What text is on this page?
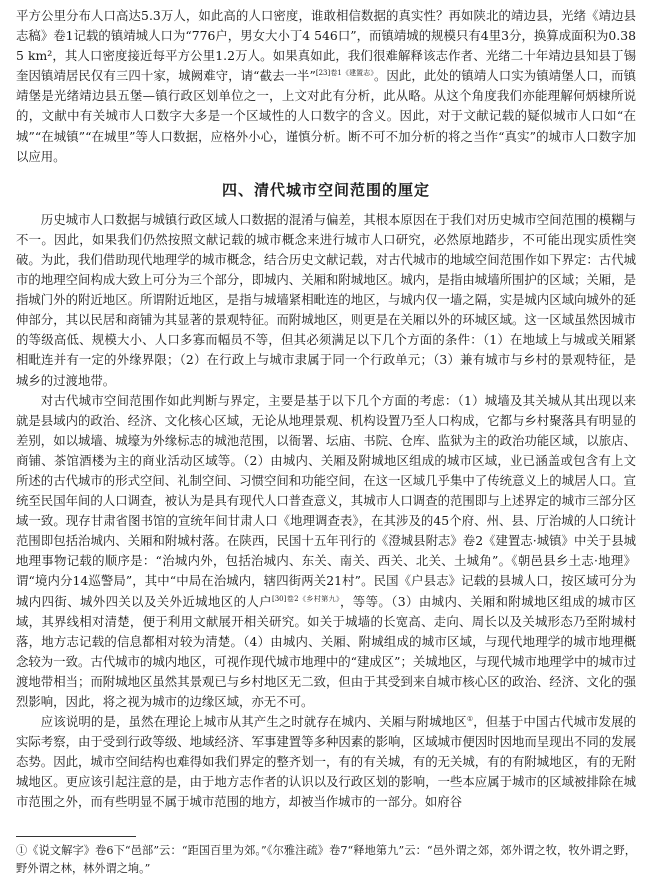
平方公里分布人口高达5.3万人，如此高的人口密度，谁敢相信数据的真实性？再如陕北的靖边县，光绪《靖边县志稿》卷1记载的镇靖城人口为“776户，男女大小丁4 546口”，而镇靖城的规模只有4里3分，换算成面积为0.385 km²，其人口密度接近每平方公里1.2万人。如果真如此，我们很难解释该志作者、光绪二十年靖边县知县丁锡奎因镇靖居民仅有三四十家，城阙难守，请“截去一半”$^{[23]卷1《建置志》}$。因此，此处的镇靖人口实为镇靖堡人口，而镇靖堡是光绪靖边县五堡—镇行政区划单位之一，上文对此有分析，此从略。从这个角度我们亦能理解何炳棣所说的，文献中有关城市人口数字大多是一个区域性的人口数字的含义。因此，对于文献记载的疑似城市人口如“在城”“在城镇”“在城里”等人口数据，应格外小心，谨慎分析。断不可不加分析的将之当作“真实”的城市人口数字加以应用。

四、清代城市空间范围的厘定

历史城市人口数据与城镇行政区域人口数据的混淆与偏差，其根本原因在于我们对历史城市空间范围的模糊与不一。因此，如果我们仍然按照文献记载的城市概念来进行城市人口研究，必然原地踏步，不可能出现实质性突破。为此，我们借助现代地理学的城市概念，结合历史文献记载，对古代城市的地域空间范围作如下界定：古代城市的地理空间构成大致上可分为三个部分，即城内、关厢和附城地区。城内，是指由城墙所围护的区域；关厢，是指城门外的附近地区。所谓附近地区，是指与城墙紧相毗连的地区，与城内仅一墙之隔，实是城内区域向城外的延伸部分，其以民居和商铺为其显著的景观特征。而附城地区，则更是在关厢以外的环城区域。这一区域虽然因城市的等级高低、规模大小、人口多寡而幅员不等，但其必须满足以下几个方面的条件：（1）在地域上与城或关厢紧相毗连并有一定的外缘界限；（2）在行政上与城市隶属于同一个行政单元；（3）兼有城市与乡村的景观特征，是城乡的过渡地带。

对古代城市空间范围作如此判断与界定，主要是基于以下几个方面的考虑：（1）城墙及其关城从其出现以来就是县域内的政治、经济、文化核心区域，无论从地理景观、机构设置乃至人口构成，它都与乡村聚落具有明显的差别，如以城墙、城壕为外缘标志的城池范围，以衙署、坛庙、书院、仓库、监狱为主的政治功能区域，以旅店、商铺、茶馆酒楼为主的商业活动区域等。（2）由城内、关厢及附城地区组成的城市区域，业已涵盖或包含有上文所述的古代城市的形式空间、礼制空间、习惯空间和功能空间，在这一区域几乎集中了传统意义上的城居人口。宣统至民国年间的人口调查，被认为是具有现代人口普查意义，其城市人口调查的范围即与上述界定的城市三部分区域一致。现存甘肃省图书馆的宣统年间甘肃人口《地理调查表》，在其涉及的45个府、州、县、厅治城的人口统计范围即包括治城内、关厢和附城村落。在陕西，民国十五年刊行的《澄城县附志》卷2《建置志·城镇》中关于县城地理事物记载的顺序是：“治城内外，包括治城内、东关、南关、西关、北关、土城角”。《朝邑县乡土志·地理》谓“境内分14巡警局”，其中“中局在治城内，辖四街两关21村”。民国《户县志》记载的县城人口，按区域可分为城内四街、城外四关以及关外近城地区的人户$^{[30]卷2《乡村第九》}$，等等。（3）由城内、关厢和附城地区组成的城市区域，其界线相对清楚，便于利用文献展开相关研究。如关于城墙的长宽高、走向、周长以及关城形态乃至附城村落，地方志记载的信息都相对较为清楚。（4）由城内、关厢、附城组成的城市区域，与现代地理学的城市地理概念较为一致。古代城市的城内地区，可视作现代城市地理中的“建成区”；关城地区，与现代城市地理学中的城市过渡地带相当；而附城地区虽然其景观已与乡村地区无二致，但由于其受到来自城市核心区的政治、经济、文化的强烈影响，因此，将之视为城市的边缘区域，亦无不可。

应该说明的是，虽然在理论上城市从其产生之时就存在城内、关厢与附城地区①，但基于中国古代城市发展的实际考察，由于受到行政等级、地域经济、军事建置等多种因素的影响，区域城市便因时因地而呈现出不同的发展态势。因此，城市空间结构也难得如我们界定的整齐划一，有的有关城，有的无关城，有的有附城地区，有的无附城地区。更应该引起注意的是，由于地方志作者的认识以及行政区划的影响，一些本应属于城市的区域被排除在城市范围之外，而有些明显不属于城市范围的地方，却被当作城市的一部分。如府谷

①《说文解字》卷6下“邑部”云：“距国百里为郊。”《尔雅注疏》卷7“释地第九”云：“邑外谓之郊，郊外谓之牧，牧外谓之野，野外谓之林，林外谓之垧。”
